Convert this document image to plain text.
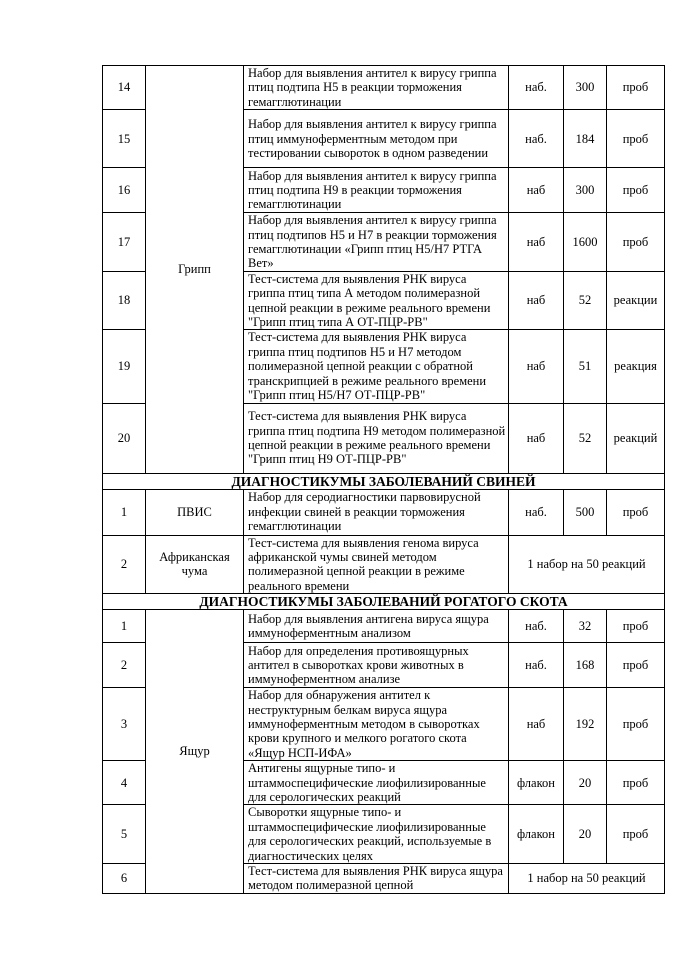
14	Грипп	Набор для выявления антител к вирусу гриппа птиц подтипа Н5 в реакции торможения гемагглютинации	наб.	300	проб
15		Набор для выявления антител к вирусу гриппа птиц иммуноферментным методом при тестировании сывороток в одном разведении	наб.	184	проб
16		Набор для выявления антител к вирусу гриппа птиц подтипа Н9 в реакции торможения гемагглютинации	наб	300	проб
17		Набор для выявления антител к вирусу гриппа птиц подтипов Н5 и Н7 в реакции торможения гемагглютинации «Грипп птиц Н5/Н7 РТГА Вет»	наб	1600	проб
18		Тест-система для выявления РНК вируса гриппа птиц типа А методом полимеразной цепной реакции в режиме реального времени "Грипп птиц типа А ОТ-ПЦР-РВ"	наб	52	реакции
19		Тест-система для выявления РНК вируса гриппа птиц подтипов Н5 и Н7 методом полимеразной цепной реакции с обратной транскрипцией в режиме реального времени "Грипп птиц Н5/Н7 ОТ-ПЦР-РВ"	наб	51	реакция
20		Тест-система для выявления РНК вируса гриппа птиц подтипа Н9 методом полимеразной цепной реакции в режиме реального времени "Грипп птиц Н9 ОТ-ПЦР-РВ"	наб	52	реакций
ДИАГНОСТИКУМЫ ЗАБОЛЕВАНИЙ СВИНЕЙ					
1	ПВИС	Набор для серодиагностики парвовирусной инфекции свиней в реакции торможения гемагглютинации	наб.	500	проб
2	Африканская чума	Тест-система для выявления генома вируса африканской чумы свиней методом полимеразной цепной реакции в режиме реального времени	1 набор на 50 реакций		
ДИАГНОСТИКУМЫ ЗАБОЛЕВАНИЙ РОГАТОГО СКОТА					
1	Ящур	Набор для выявления антигена вируса ящура иммуноферментным анализом	наб.	32	проб
2		Набор для определения противоящурных антител в сыворотках крови животных в иммуноферментном анализе	наб.	168	проб
3		Набор для обнаружения антител к неструктурным белкам вируса ящура иммуноферментным методом в сыворотках крови крупного и мелкого рогатого скота «Ящур НСП-ИФА»	наб	192	проб
4		Антигены ящурные типо- и штаммоспецифические лиофилизированные для серологических реакций	флакон	20	проб
5		Сыворотки ящурные типо- и штаммоспецифические лиофилизированные для серологических реакций, используемые в диагностических целях	флакон	20	проб
6		Тест-система для выявления РНК вируса ящура методом полимеразной цепной	1 набор на 50 реакций		
